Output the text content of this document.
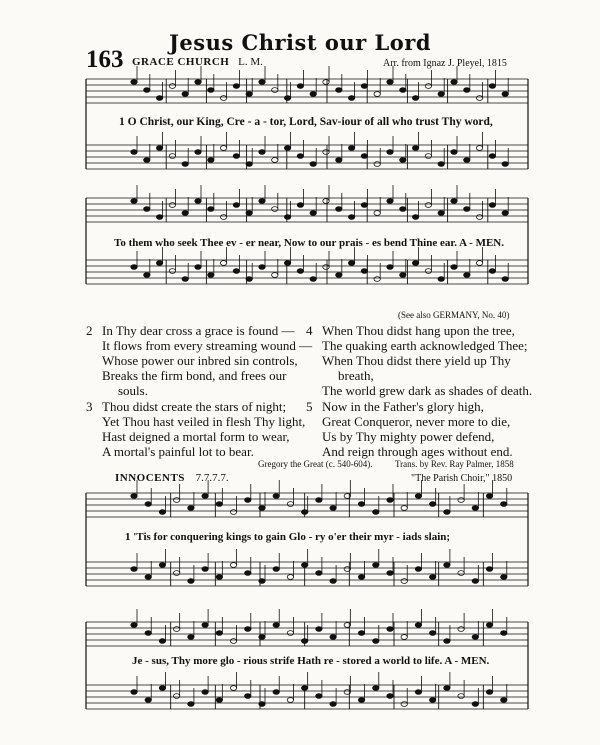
Jesus Christ our Lord
163 GRACE CHURCH L. M.	Arr. from Ignaz J. Pleyel, 1815
1 O Christ, our King, Cre - a - tor, Lord, Sav-iour of all who trust Thy word,
To them who seek Thee ev - er near, Now to our prais - es bend Thine ear. A - MEN.
(See also GERMANY, No. 40)
2 In Thy dear cross a grace is found —
It flows from every streaming wound —
Whose power our inbred sin controls,
Breaks the firm bond, and frees our
souls.
3 Thou didst create the stars of night;
Yet Thou hast veiled in flesh Thy light,
Hast deigned a mortal form to wear,
A mortal's painful lot to bear.
4 When Thou didst hang upon the tree,
The quaking earth acknowledged Thee;
When Thou didst there yield up Thy
breath,
The world grew dark as shades of death.
5 Now in the Father's glory high,
Great Conqueror, never more to die,
Us by Thy mighty power defend,
And reign through ages without end.
Gregory the Great (c. 540-604).	Trans. by Rev. Ray Palmer, 1858
INNOCENTS 7.7.7.7.	"The Parish Choir," 1850
1 'Tis for conquering kings to gain Glo - ry o'er their myr - iads slain;
Je - sus, Thy more glo - rious strife Hath re - stored a world to life. A - MEN.
